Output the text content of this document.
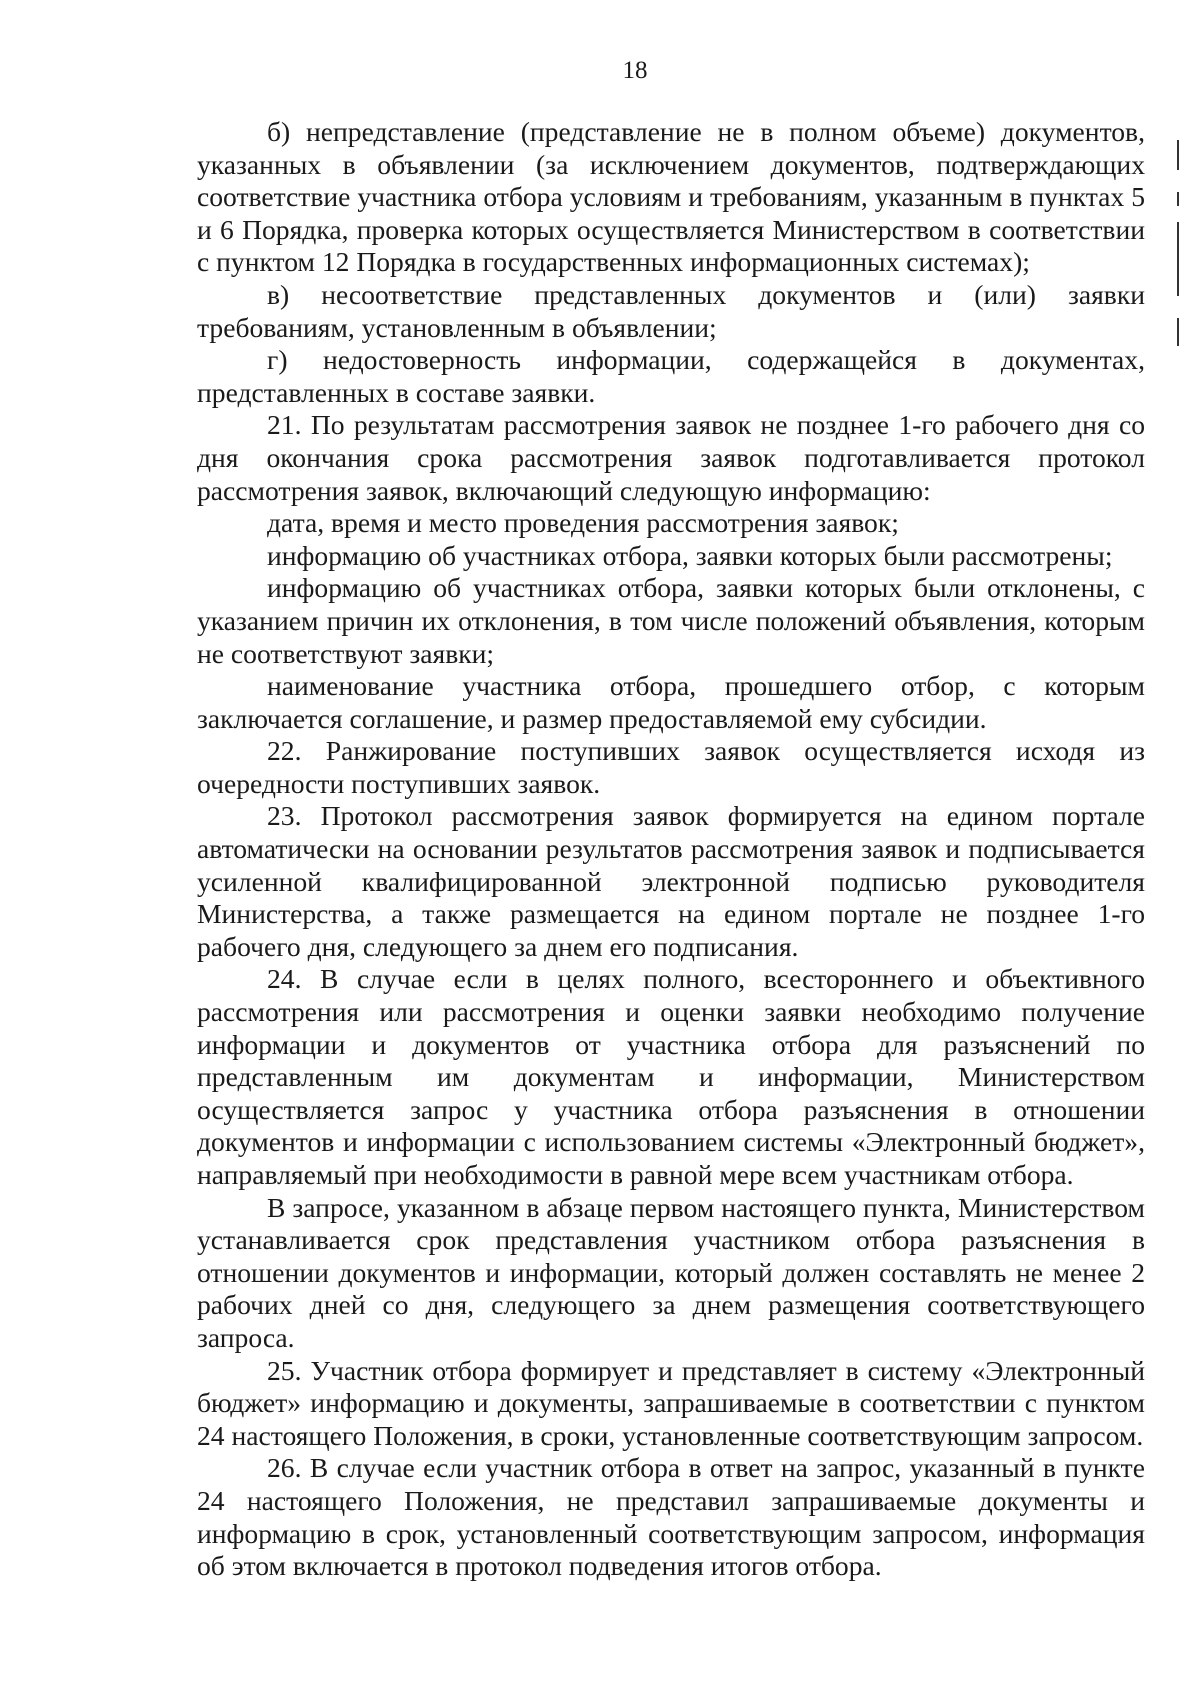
18

б) непредставление (представление не в полном объеме) документов, указанных в объявлении (за исключением документов, подтверждающих соответствие участника отбора условиям и требованиям, указанным в пунктах 5 и 6 Порядка, проверка которых осуществляется Министерством в соответствии с пунктом 12 Порядка в государственных информационных системах);

в) несоответствие представленных документов и (или) заявки требованиям, установленным в объявлении;

г) недостоверность информации, содержащейся в документах, представленных в составе заявки.

21. По результатам рассмотрения заявок не позднее 1-го рабочего дня со дня окончания срока рассмотрения заявок подготавливается протокол рассмотрения заявок, включающий следующую информацию:

дата, время и место проведения рассмотрения заявок;

информацию об участниках отбора, заявки которых были рассмотрены;

информацию об участниках отбора, заявки которых были отклонены, с указанием причин их отклонения, в том числе положений объявления, которым не соответствуют заявки;

наименование участника отбора, прошедшего отбор, с которым заключается соглашение, и размер предоставляемой ему субсидии.

22. Ранжирование поступивших заявок осуществляется исходя из очередности поступивших заявок.

23. Протокол рассмотрения заявок формируется на едином портале автоматически на основании результатов рассмотрения заявок и подписывается усиленной квалифицированной электронной подписью руководителя Министерства, а также размещается на едином портале не позднее 1-го рабочего дня, следующего за днем его подписания.

24. В случае если в целях полного, всестороннего и объективного рассмотрения или рассмотрения и оценки заявки необходимо получение информации и документов от участника отбора для разъяснений по представленным им документам и информации, Министерством осуществляется запрос у участника отбора разъяснения в отношении документов и информации с использованием системы «Электронный бюджет», направляемый при необходимости в равной мере всем участникам отбора.

В запросе, указанном в абзаце первом настоящего пункта, Министерством устанавливается срок представления участником отбора разъяснения в отношении документов и информации, который должен составлять не менее 2 рабочих дней со дня, следующего за днем размещения соответствующего запроса.

25. Участник отбора формирует и представляет в систему «Электронный бюджет» информацию и документы, запрашиваемые в соответствии с пунктом 24 настоящего Положения, в сроки, установленные соответствующим запросом.

26. В случае если участник отбора в ответ на запрос, указанный в пункте 24 настоящего Положения, не представил запрашиваемые документы и информацию в срок, установленный соответствующим запросом, информация об этом включается в протокол подведения итогов отбора.
